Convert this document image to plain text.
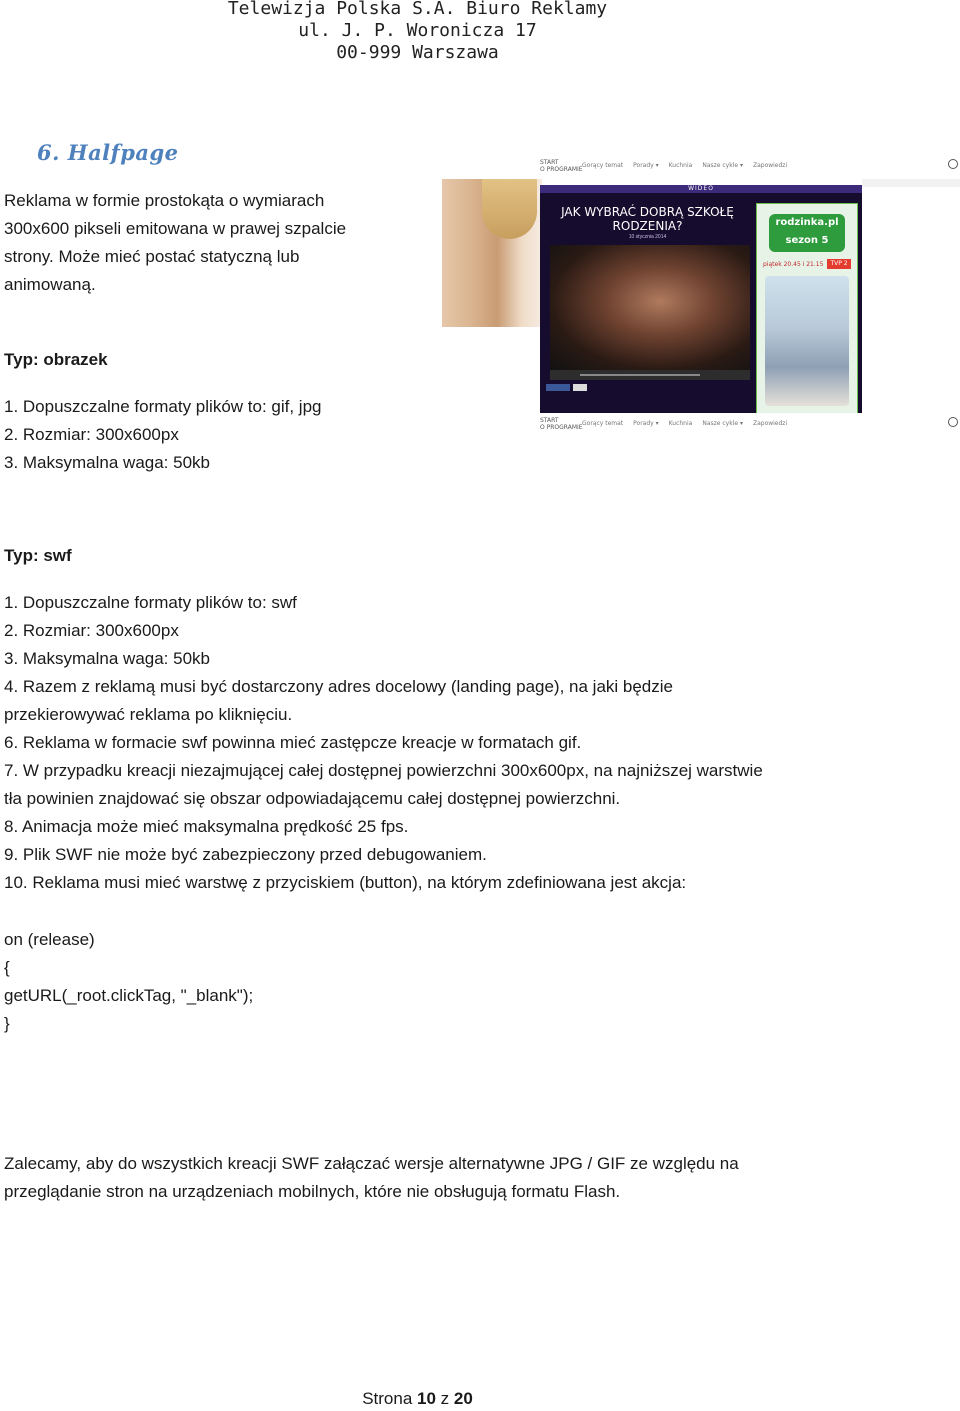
Telewizja Polska S.A. Biuro Reklamy
ul. J. P. Woronicza 17
00-999 Warszawa
6. Halfpage
Reklama w formie prostokąta o wymiarach
300x600 pikseli emitowana w prawej szpalcie
strony. Może mieć postać statyczną lub
animowaną.
Typ: obrazek
1. Dopuszczalne formaty plików to: gif, jpg
2. Rozmiar: 300x600px
3. Maksymalna waga: 50kb
START
O PROGRAMIE
Gorący temat Porady ▾ Kuchnia Nasze cykle ▾ Zapowiedzi
WIDEO
JAK WYBRAĆ DOBRĄ SZKOŁĘ RODZENIA?
10 stycznia 2014
rodzinka.pl
sezon 5
piątek 20.45 i 21.15	TVP 2
START
O PROGRAMIE
Gorący temat Porady ▾ Kuchnia Nasze cykle ▾ Zapowiedzi
Typ: swf
1. Dopuszczalne formaty plików to: swf
2. Rozmiar: 300x600px
3. Maksymalna waga: 50kb
4. Razem z reklamą musi być dostarczony adres docelowy (landing page), na jaki będzie
przekierowywać reklama po kliknięciu.
6. Reklama w formacie swf powinna mieć zastępcze kreacje w formatach gif.
7. W przypadku kreacji niezajmującej całej dostępnej powierzchni 300x600px, na najniższej warstwie
tła powinien znajdować się obszar odpowiadającemu całej dostępnej powierzchni.
8. Animacja może mieć maksymalna prędkość 25 fps.
9. Plik SWF nie może być zabezpieczony przed debugowaniem.
10. Reklama musi mieć warstwę z przyciskiem (button), na którym zdefiniowana jest akcja:
on (release)
{
getURL(_root.clickTag, "_blank");
}
Zalecamy, aby do wszystkich kreacji SWF załączać wersje alternatywne JPG / GIF ze względu na
przeglądanie stron na urządzeniach mobilnych, które nie obsługują formatu Flash.
Strona 10 z 20
